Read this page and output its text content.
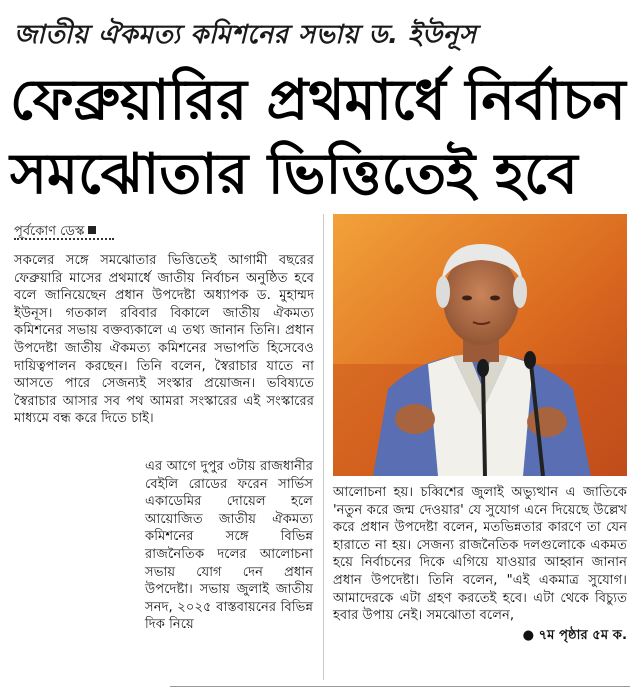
জাতীয় ঐকমত্য কমিশনের সভায় ড. ইউনূস
ফেব্রুয়ারির প্রথমার্ধে নির্বাচন সমঝোতার ভিত্তিতেই হবে
পূর্বকোণ ডেস্ক
সকলের সঙ্গে সমঝোতার ভিত্তিতেই আগামী বছরের ফেব্রুয়ারি মাসের প্রথমার্ধে জাতীয় নির্বাচন অনুষ্ঠিত হবে বলে জানিয়েছেন প্রধান উপদেষ্টা অধ্যাপক ড. মুহাম্মদ ইউনূস। গতকাল রবিবার বিকালে জাতীয় ঐকমত্য কমিশনের সভায় বক্তব্যকালে এ তথ্য জানান তিনি। প্রধান উপদেষ্টা জাতীয় ঐকমত্য কমিশনের সভাপতি হিসেবেও দায়িত্বপালন করছেন। তিনি বলেন, স্বৈরাচার যাতে না আসতে পারে সেজন্যই সংস্কার প্রয়োজন। ভবিষ্যতে স্বৈরাচার আসার সব পথ আমরা সংস্কারের এই সংস্কারের মাধ্যমে বন্ধ করে দিতে চাই।
এর আগে দুপুর ৩টায় রাজধানীর বেইলি রোডের ফরেন সার্ভিস একাডেমির দোয়েল হলে আয়োজিত জাতীয় ঐকমত্য কমিশনের সঙ্গে বিভিন্ন রাজনৈতিক দলের আলোচনা সভায় যোগ দেন প্রধান উপদেষ্টা। সভায় জুলাই জাতীয় সনদ, ২০২৫ বাস্তবায়নের বিভিন্ন দিক নিয়ে
আলোচনা হয়। চব্বিশের জুলাই অভ্যুত্থান এ জাতিকে 'নতুন করে জন্ম দেওয়ার' যে সুযোগ এনে দিয়েছে উল্লেখ করে প্রধান উপদেষ্টা বলেন, মতভিন্নতার কারণে তা যেন হারাতে না হয়। সেজন্য রাজনৈতিক দলগুলোকে একমত হয়ে নির্বাচনের দিকে এগিয়ে যাওয়ার আহ্বান জানান প্রধান উপদেষ্টা। তিনি বলেন, "এই একমাত্র সুযোগ। আমাদেরকে এটা গ্রহণ করতেই হবে। এটা থেকে বিচ্যুত হবার উপায় নেই। সমঝোতা বলেন,
● ৭ম পৃষ্ঠার ৫ম ক.
